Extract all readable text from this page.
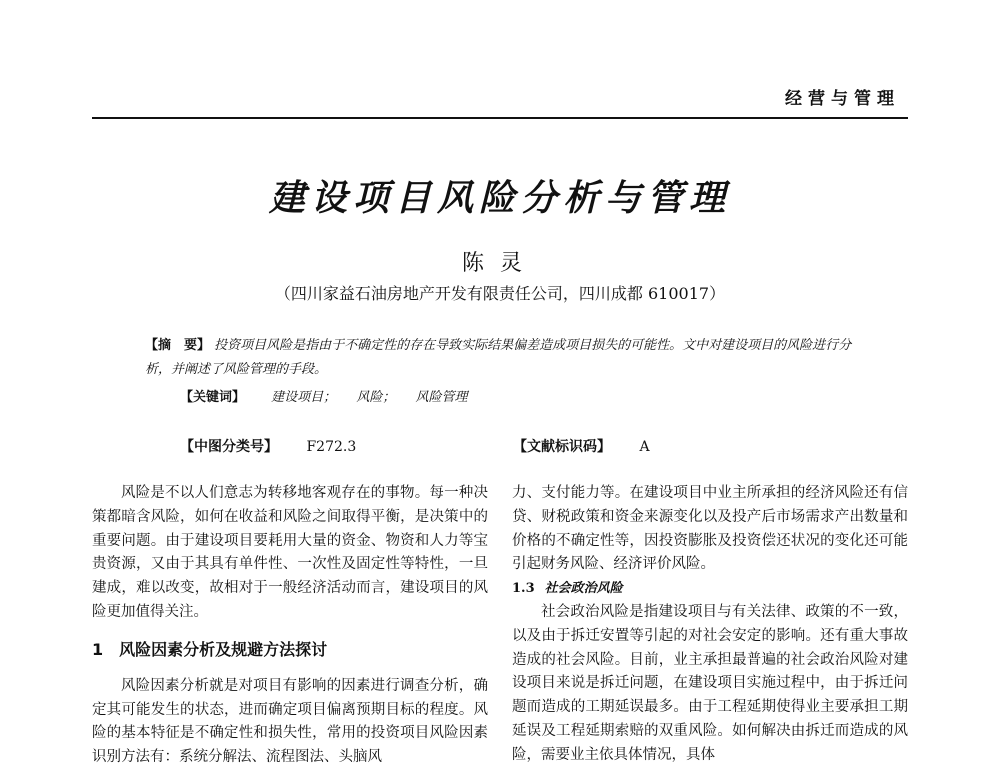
经营与管理
建设项目风险分析与管理
陈灵
（四川家益石油房地产开发有限责任公司，四川成都 610017）
【摘　要】 投资项目风险是指由于不确定性的存在导致实际结果偏差造成项目损失的可能性。文中对建设项目的风险进行分析，并阐述了风险管理的手段。
【关键词】 建设项目； 风险； 风险管理
【中图分类号】 F272.3	【文献标识码】 A

风险是不以人们意志为转移地客观存在的事物。每一种决策都暗含风险，如何在收益和风险之间取得平衡，是决策中的重要问题。由于建设项目要耗用大量的资金、物资和人力等宝贵资源，又由于其具有单件性、一次性及固定性等特性，一旦建成，难以改变，故相对于一般经济活动而言，建设项目的风险更加值得关注。

1 风险因素分析及规避方法探讨

风险因素分析就是对项目有影响的因素进行调查分析，确定其可能发生的状态，进而确定项目偏离预期目标的程度。风险的基本特征是不确定性和损失性，常用的投资项目风险因素识别方法有：系统分解法、流程图法、头脑风

力、支付能力等。在建设项目中业主所承担的经济风险还有信贷、财税政策和资金来源变化以及投产后市场需求产出数量和价格的不确定性等，因投资膨胀及投资偿还状况的变化还可能引起财务风险、经济评价风险。

1.3 社会政治风险

社会政治风险是指建设项目与有关法律、政策的不一致，以及由于拆迁安置等引起的对社会安定的影响。还有重大事故造成的社会风险。目前，业主承担最普遍的社会政治风险对建设项目来说是拆迁问题，在建设项目实施过程中，由于拆迁问题而造成的工期延误最多。由于工程延期使得业主要承担工期延误及工程延期索赔的双重风险。如何解决由拆迁而造成的风险，需要业主依具体情况，具体
